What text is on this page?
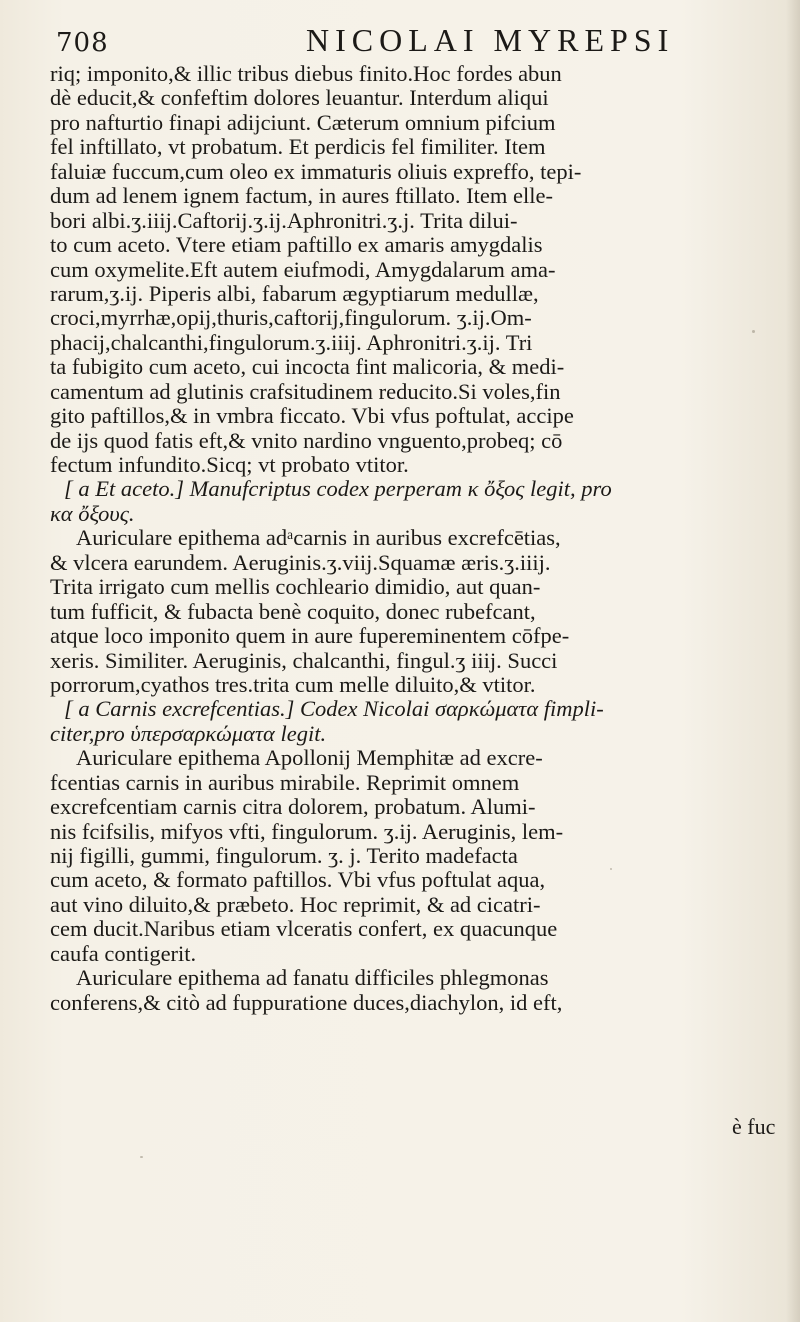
708	NICOLAI MYREPSI
riq; imponito,& illic tribus diebus finito.Hoc fordes abun
dè educit,& confeftim dolores leuantur. Interdum aliqui
pro nafturtio finapi adijciunt. Cæterum omnium pifcium
fel inftillato, vt probatum. Et perdicis fel fimiliter. Item
faluiæ fuccum,cum oleo ex immaturis oliuis expreffo, tepi-
dum ad lenem ignem factum, in aures ftillato. Item elle-
bori albi.ʒ.iiij.Caftorij.ʒ.ij.Aphronitri.ʒ.j. Trita dilui-
to cum aceto. Vtere etiam paftillo ex amaris amygdalis
cum oxymelite.Eft autem eiufmodi, Amygdalarum ama-
rarum,ʒ.ij. Piperis albi, fabarum ægyptiarum medullæ,
croci,myrrhæ,opij,thuris,caftorij,fingulorum. ʒ.ij.Om-
phacij,chalcanthi,fingulorum.ʒ.iiij. Aphronitri.ʒ.ij. Tri
ta fubigito cum aceto, cui incocta fint malicoria, & medi-
camentum ad glutinis crafsitudinem reducito.Si voles,fin
gito paftillos,& in vmbra ficcato. Vbi vfus poftulat, accipe
de ijs quod fatis eft,& vnito nardino vnguento,probeq; cō
fectum infundito.Sicq; vt probato vtitor.
[ a Et aceto.] Manufcriptus codex perperam κ ὄξος legit, pro
κα ὄξους.
Auriculare epithema adᵃcarnis in auribus excrefcētias,
& vlcera earundem. Aeruginis.ʒ.viij.Squamæ æris.ʒ.iiij.
Trita irrigato cum mellis cochleario dimidio, aut quan-
tum fufficit, & fubacta benè coquito, donec rubefcant,
atque loco imponito quem in aure fupereminentem cōfpe-
xeris. Similiter. Aeruginis, chalcanthi, fingul.ʒ iiij. Succi
porrorum,cyathos tres.trita cum melle diluito,& vtitor.
[ a Carnis excrefcentias.] Codex Nicolai σαρκώματα fimpli-
citer,pro ὑπερσαρκώματα legit.
Auriculare epithema Apollonij Memphitæ ad excre-
fcentias carnis in auribus mirabile. Reprimit omnem
excrefcentiam carnis citra dolorem, probatum. Alumi-
nis fcifsilis, mifyos vfti, fingulorum. ʒ.ij. Aeruginis, lem-
nij figilli, gummi, fingulorum. ʒ. j. Terito madefacta
cum aceto, & formato paftillos. Vbi vfus poftulat aqua,
aut vino diluito,& præbeto. Hoc reprimit, & ad cicatri-
cem ducit.Naribus etiam vlceratis confert, ex quacunque
caufa contigerit.
Auriculare epithema ad fanatu difficiles phlegmonas
conferens,& citò ad fuppuratione duces,diachylon, id eft,
è fuc
